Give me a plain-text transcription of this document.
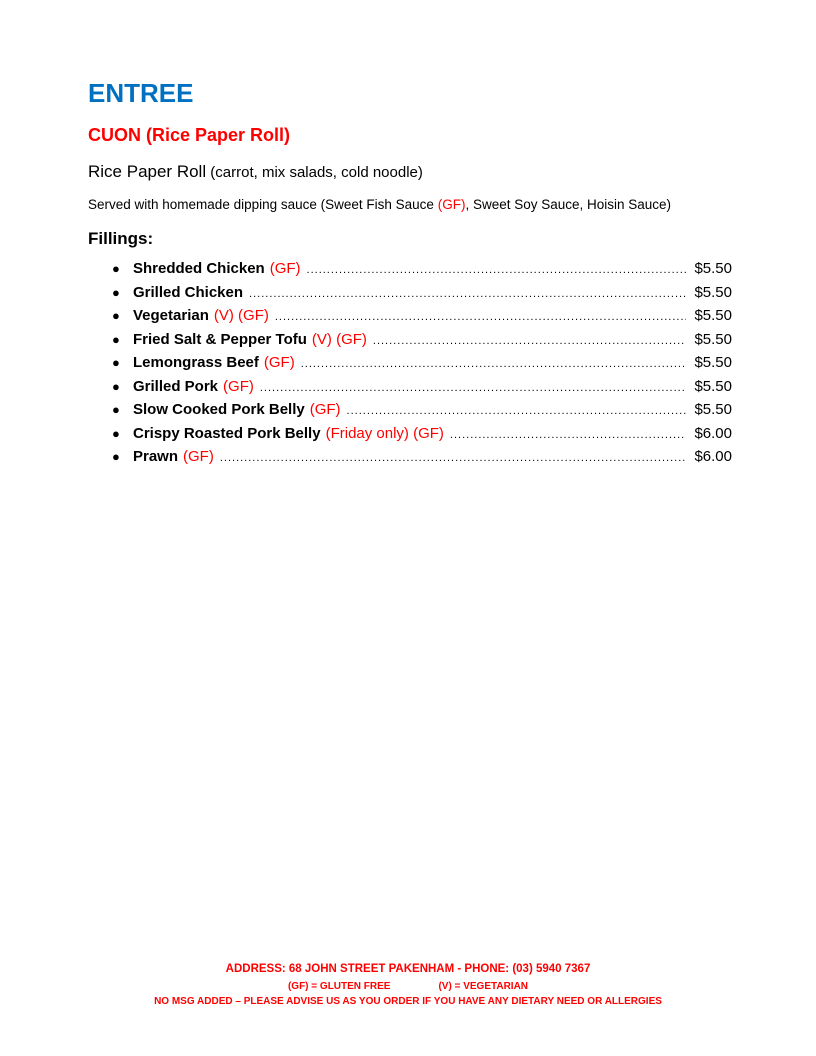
ENTREE
CUON (Rice Paper Roll)

Rice Paper Roll (carrot, mix salads, cold noodle)

Served with homemade dipping sauce (Sweet Fish Sauce (GF), Sweet Soy Sauce, Hoisin Sauce)

Fillings:
● Shredded Chicken (GF) .....	$5.50
● Grilled Chicken .....	$5.50
● Vegetarian (V) (GF) .....	$5.50
● Fried Salt & Pepper Tofu (V) (GF) .....	$5.50
● Lemongrass Beef (GF) .....	$5.50
● Grilled Pork (GF) .....	$5.50
● Slow Cooked Pork Belly (GF) .....	$5.50
● Crispy Roasted Pork Belly (Friday only) (GF) .....	$6.00
● Prawn (GF) .....	$6.00

ADDRESS: 68 JOHN STREET PAKENHAM - PHONE: (03) 5940 7367

(GF) = GLUTEN FREE	(V) = VEGETARIAN

NO MSG ADDED – PLEASE ADVISE US AS YOU ORDER IF YOU HAVE ANY DIETARY NEED OR ALLERGIES
